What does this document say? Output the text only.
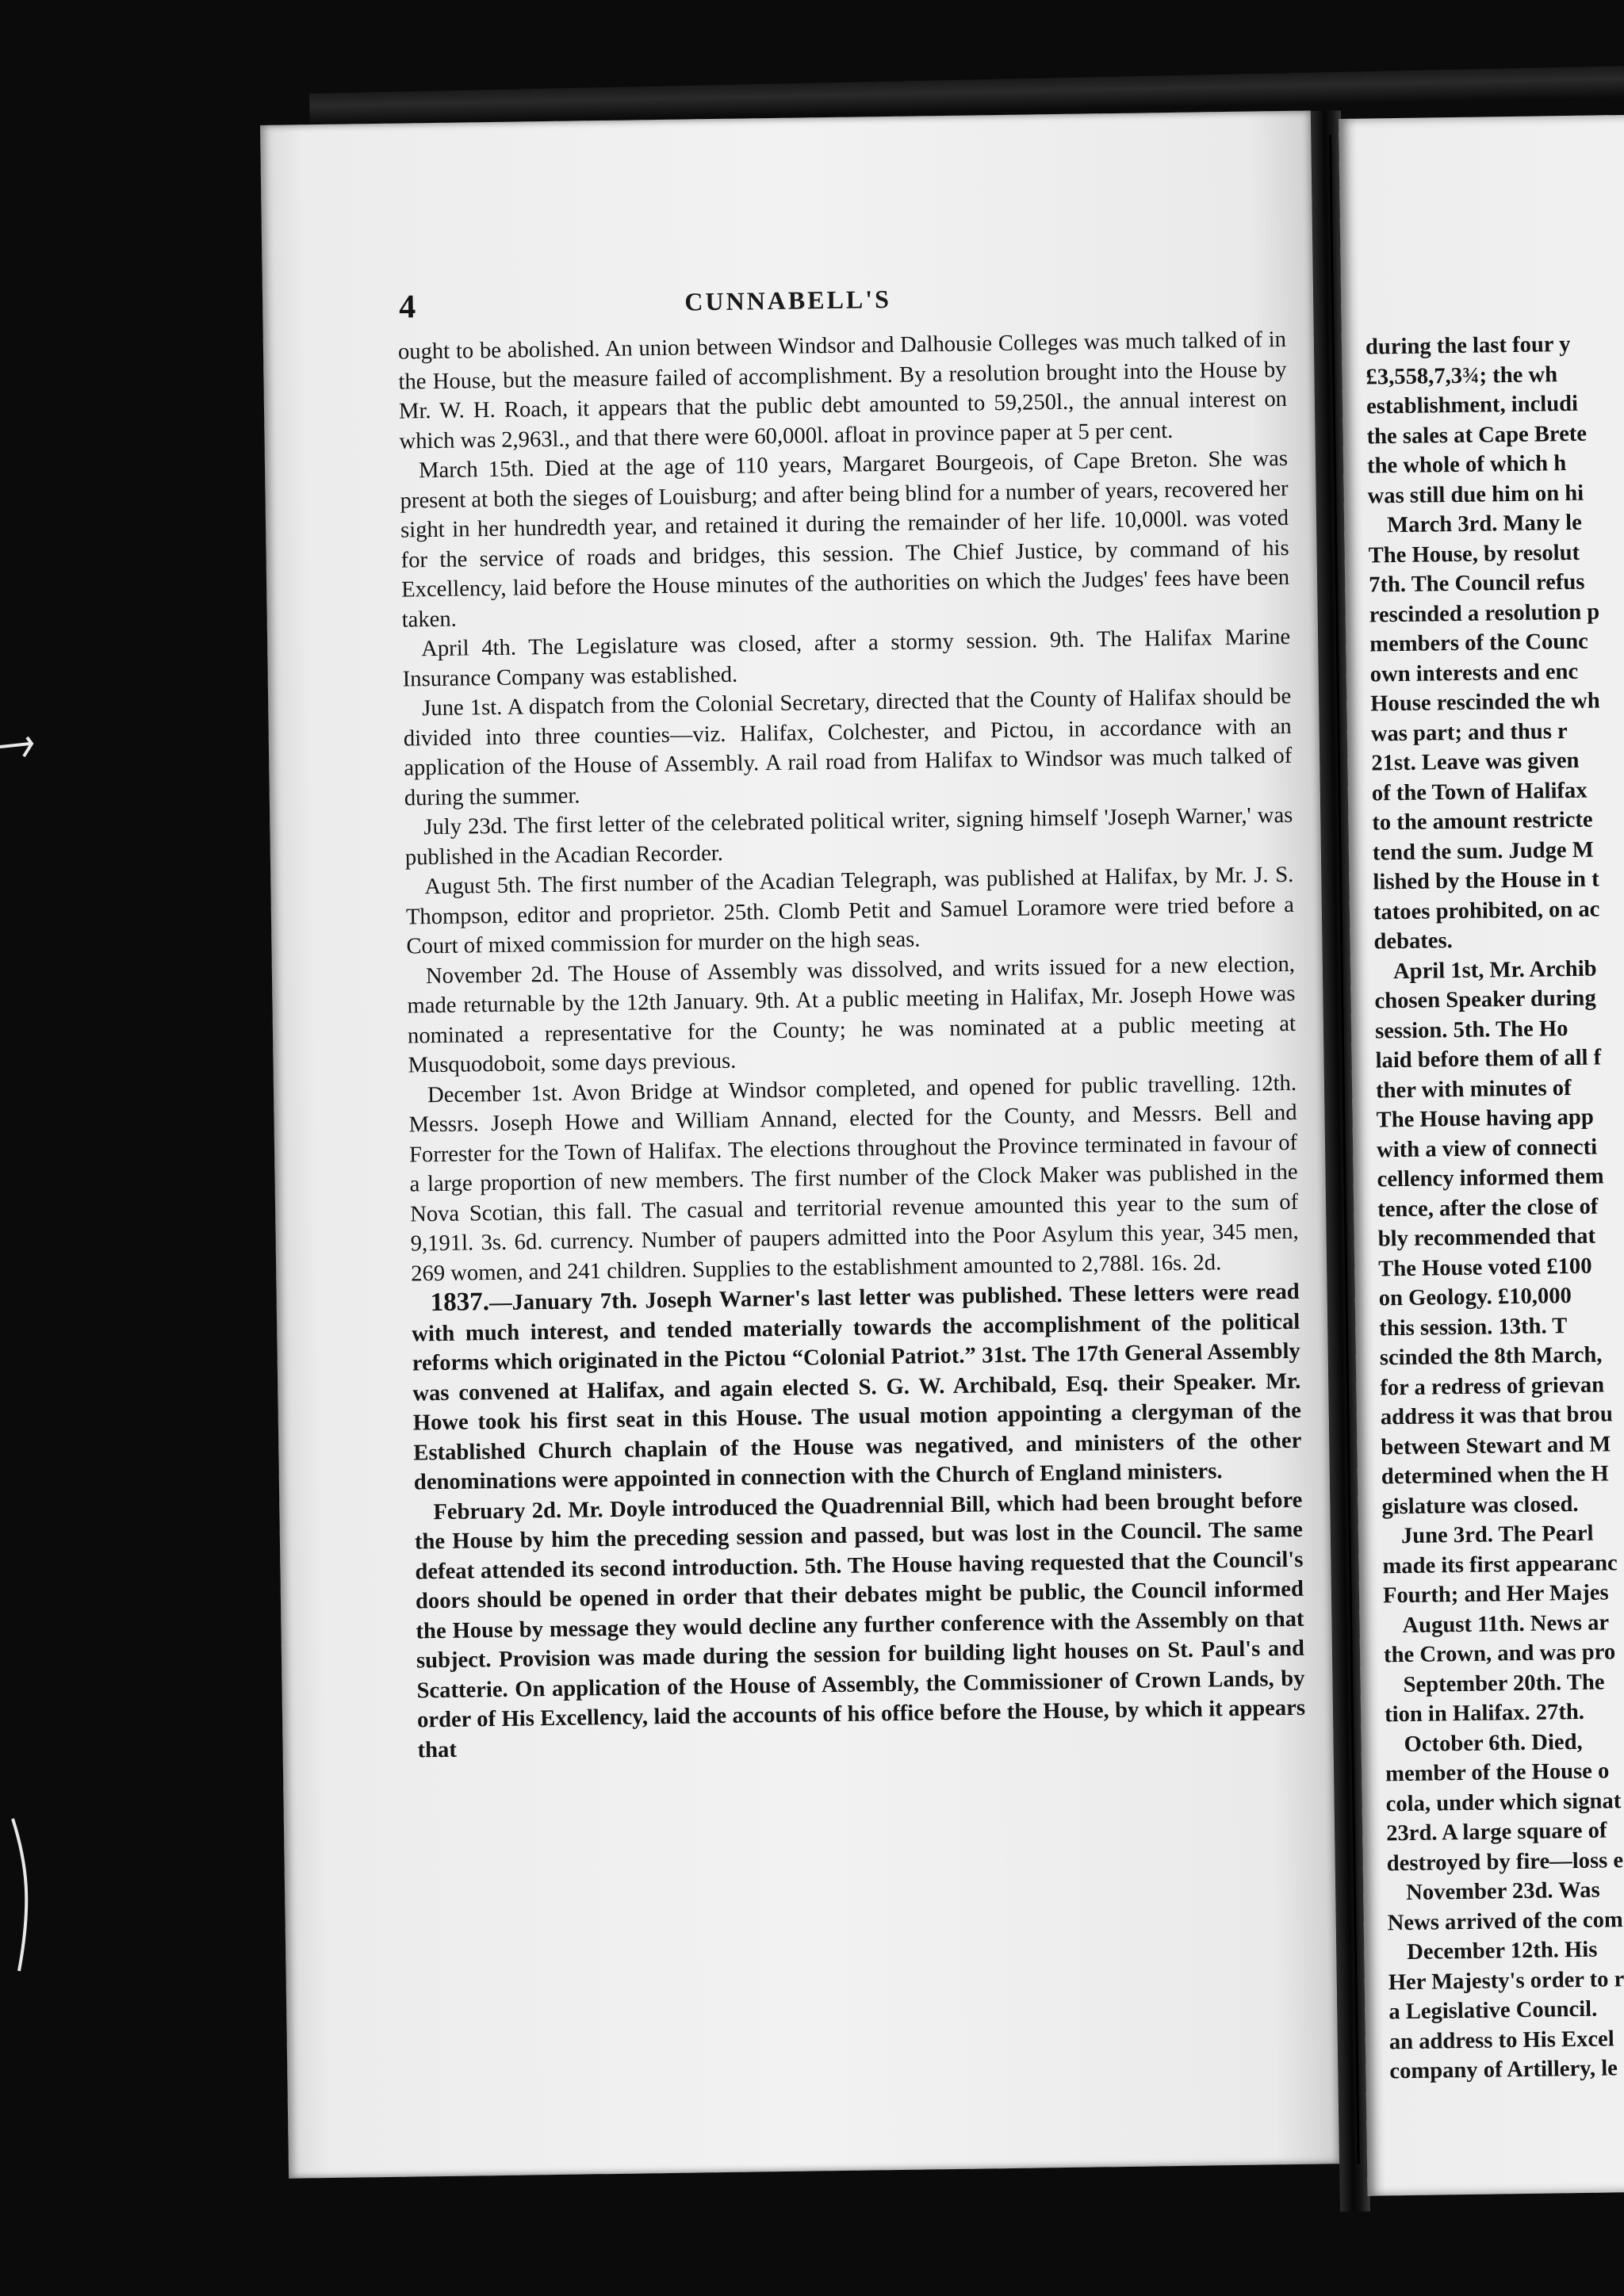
4	CUNNABELL'S

ought to be abolished. An union between Windsor and Dalhousie Colleges was much talked of in the House, but the measure failed of accomplishment. By a resolution brought into the House by Mr. W. H. Roach, it appears that the public debt amounted to 59,250l., the annual interest on which was 2,963l., and that there were 60,000l. afloat in province paper at 5 per cent.

March 15th. Died at the age of 110 years, Margaret Bourgeois, of Cape Breton. She was present at both the sieges of Louisburg; and after being blind for a number of years, recovered her sight in her hundredth year, and retained it during the remainder of her life. 10,000l. was voted for the service of roads and bridges, this session. The Chief Justice, by command of his Excellency, laid before the House minutes of the authorities on which the Judges' fees have been taken.

April 4th. The Legislature was closed, after a stormy session. 9th. The Halifax Marine Insurance Company was established.

June 1st. A dispatch from the Colonial Secretary, directed that the County of Halifax should be divided into three counties—viz. Halifax, Colchester, and Pictou, in accordance with an application of the House of Assembly. A rail road from Halifax to Windsor was much talked of during the summer.

July 23d. The first letter of the celebrated political writer, signing himself 'Joseph Warner,' was published in the Acadian Recorder.

August 5th. The first number of the Acadian Telegraph, was published at Halifax, by Mr. J. S. Thompson, editor and proprietor. 25th. Clomb Petit and Samuel Loramore were tried before a Court of mixed commission for murder on the high seas.

November 2d. The House of Assembly was dissolved, and writs issued for a new election, made returnable by the 12th January. 9th. At a public meeting in Halifax, Mr. Joseph Howe was nominated a representative for the County; he was nominated at a public meeting at Musquodoboit, some days previous.

December 1st. Avon Bridge at Windsor completed, and opened for public travelling. 12th. Messrs. Joseph Howe and William Annand, elected for the County, and Messrs. Bell and Forrester for the Town of Halifax. The elections throughout the Province terminated in favour of a large proportion of new members. The first number of the Clock Maker was published in the Nova Scotian, this fall. The casual and territorial revenue amounted this year to the sum of 9,191l. 3s. 6d. currency. Number of paupers admitted into the Poor Asylum this year, 345 men, 269 women, and 241 children. Supplies to the establishment amounted to 2,788l. 16s. 2d.

1837.—January 7th. Joseph Warner's last letter was published. These letters were read with much interest, and tended materially towards the accomplishment of the political reforms which originated in the Pictou “Colonial Patriot.” 31st. The 17th General Assembly was convened at Halifax, and again elected S. G. W. Archibald, Esq. their Speaker. Mr. Howe took his first seat in this House. The usual motion appointing a clergyman of the Established Church chaplain of the House was negatived, and ministers of the other denominations were appointed in connection with the Church of England ministers.

February 2d. Mr. Doyle introduced the Quadrennial Bill, which had been brought before the House by him the preceding session and passed, but was lost in the Council. The same defeat attended its second introduction. 5th. The House having requested that the Council's doors should be opened in order that their debates might be public, the Council informed the House by message they would decline any further conference with the Assembly on that subject. Provision was made during the session for building light houses on St. Paul's and Scatterie. On application of the House of Assembly, the Commissioner of Crown Lands, by order of His Excellency, laid the accounts of his office before the House, by which it appears that

during the last four y
£3,558,7,3¾; the wh
establishment, includi
the sales at Cape Brete
the whole of which h
was still due him on hi
March 3rd. Many le
The House, by resolut
7th. The Council refus
rescinded a resolution p
members of the Counc
own interests and enc
House rescinded the wh
was part; and thus r
21st. Leave was given
of the Town of Halifax
to the amount restricte
tend the sum. Judge M
lished by the House in t
tatoes prohibited, on ac
debates.
April 1st, Mr. Archib
chosen Speaker during
session. 5th. The Ho
laid before them of all f
ther with minutes of
The House having app
with a view of connecti
cellency informed them
tence, after the close of
bly recommended that
The House voted £100
on Geology. £10,000
this session. 13th. T
scinded the 8th March,
for a redress of grievan
address it was that brou
between Stewart and M
determined when the H
gislature was closed.
June 3rd. The Pearl
made its first appearanc
Fourth; and Her Majes
August 11th. News ar
the Crown, and was pro
September 20th. The
tion in Halifax. 27th.
October 6th. Died,
member of the House o
cola, under which signat
23rd. A large square of
destroyed by fire—loss e
November 23d. Was
News arrived of the com
December 12th. His
Her Majesty's order to r
a Legislative Council.
an address to His Excel
company of Artillery, le
